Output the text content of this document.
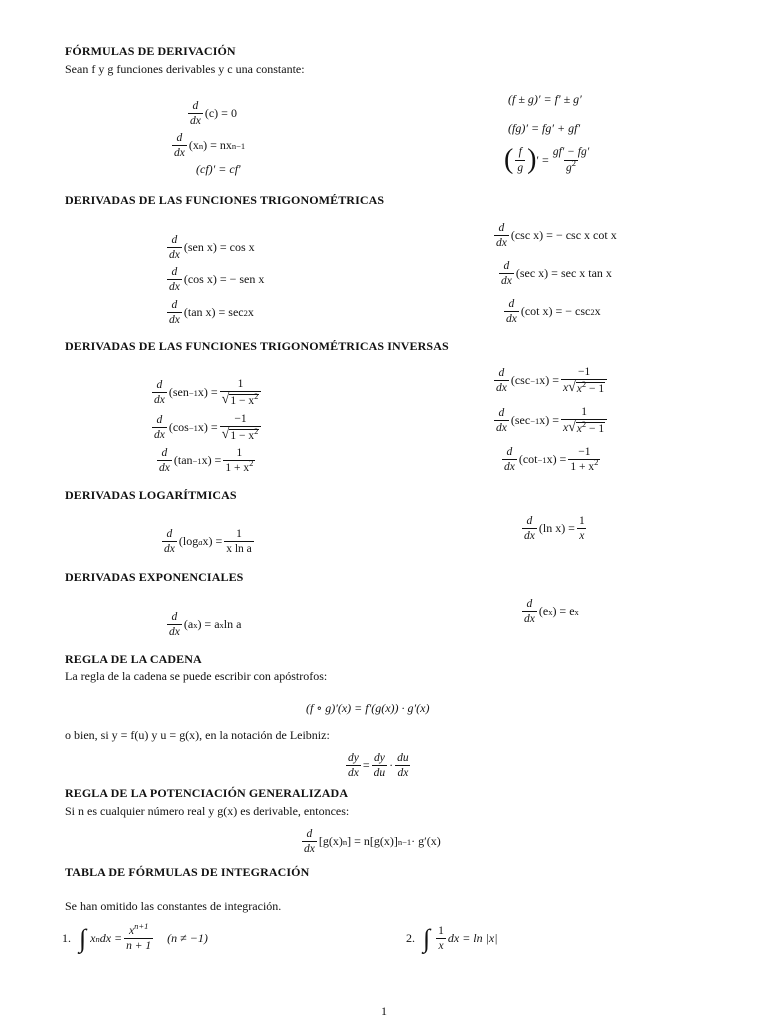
FÓRMULAS DE DERIVACIÓN
Sean f y g funciones derivables y c una constante:
$\frac{d}{dx} (c) = 0$
$\frac{d}{dx} (x$ n ) = nx n−1
(cf)′ = cf′
(f ± g)′ = f′ ± g′
(fg)′ = fg′ + gf′
( $\frac{f}{g}$ ) ′ = $\frac{gf' - fg'}{g^2}$
DERIVADAS DE LAS FUNCIONES TRIGONOMÉTRICAS
$\frac{d}{dx} (sen$ x) = cos x
$\frac{d}{dx} (\cos$ x) = − sen x
$\frac{d}{dx} (\tan$ x) = sec 2 x
$\frac{d}{dx} (\csc$ x) = − csc x cot x
$\frac{d}{dx} (\sec$ x) = sec x tan x
$\frac{d}{dx} (\cot$ x) = − csc 2 x
DERIVADAS DE LAS FUNCIONES TRIGONOMÉTRICAS INVERSAS
$\frac{d}{dx} (sen -1$ $x) = \frac{1}{√ 1 - x^2}$
$\frac{d}{dx} (\cos -1$ $x) = \frac{-1}{√ 1 - x^2}$
$\frac{d}{dx} (\tan -1$ $x) = \frac{1}{1 + x^2}$
$\frac{d}{dx} (\csc -1$ $x) = \frac{-1}{x √ x^2 - 1}$
$\frac{d}{dx} (\sec -1$ $x) = \frac{1}{x √ x^2 - 1}$
$\frac{d}{dx} (\cot -1$ $x) = \frac{-1}{1 + x^2}$
DERIVADAS LOGARÍTMICAS
$\frac{d}{dx} (\log$ a $x) = \frac{1}{\text{x ln a}}$	$\frac{d}{dx} (\ln$ $x) = \frac{1}{x}$
DERIVADAS EXPONENCIALES
$\frac{d}{dx} (a$ x ) = a x ln a	$\frac{d}{dx} (e$ x ) = e x
REGLA DE LA CADENA
La regla de la cadena se puede escribir con apóstrofos:
(f ∘ g)′(x) = f′(g(x)) · g′(x)
o bien, si y = f(u) y u = g(x), en la notación de Leibniz:
$\frac{dy}{dx} = \frac{dy}{du} \cdot \frac{du}{dx}$
REGLA DE LA POTENCIACIÓN GENERALIZADA
Si n es cualquier número real y g(x) es derivable, entonces:
$\frac{d}{dx} [g(x)$ n ] = n[g(x)] n−1 · g′(x)
TABLA DE FÓRMULAS DE INTEGRACIÓN
Se han omitido las constantes de integración.
1. ∫ x n dx = $\frac{x^{n+1}}{n + 1} (n \ne -1)$	2. ∫ $\frac{1}{x}$ dx = ln |x|
1
